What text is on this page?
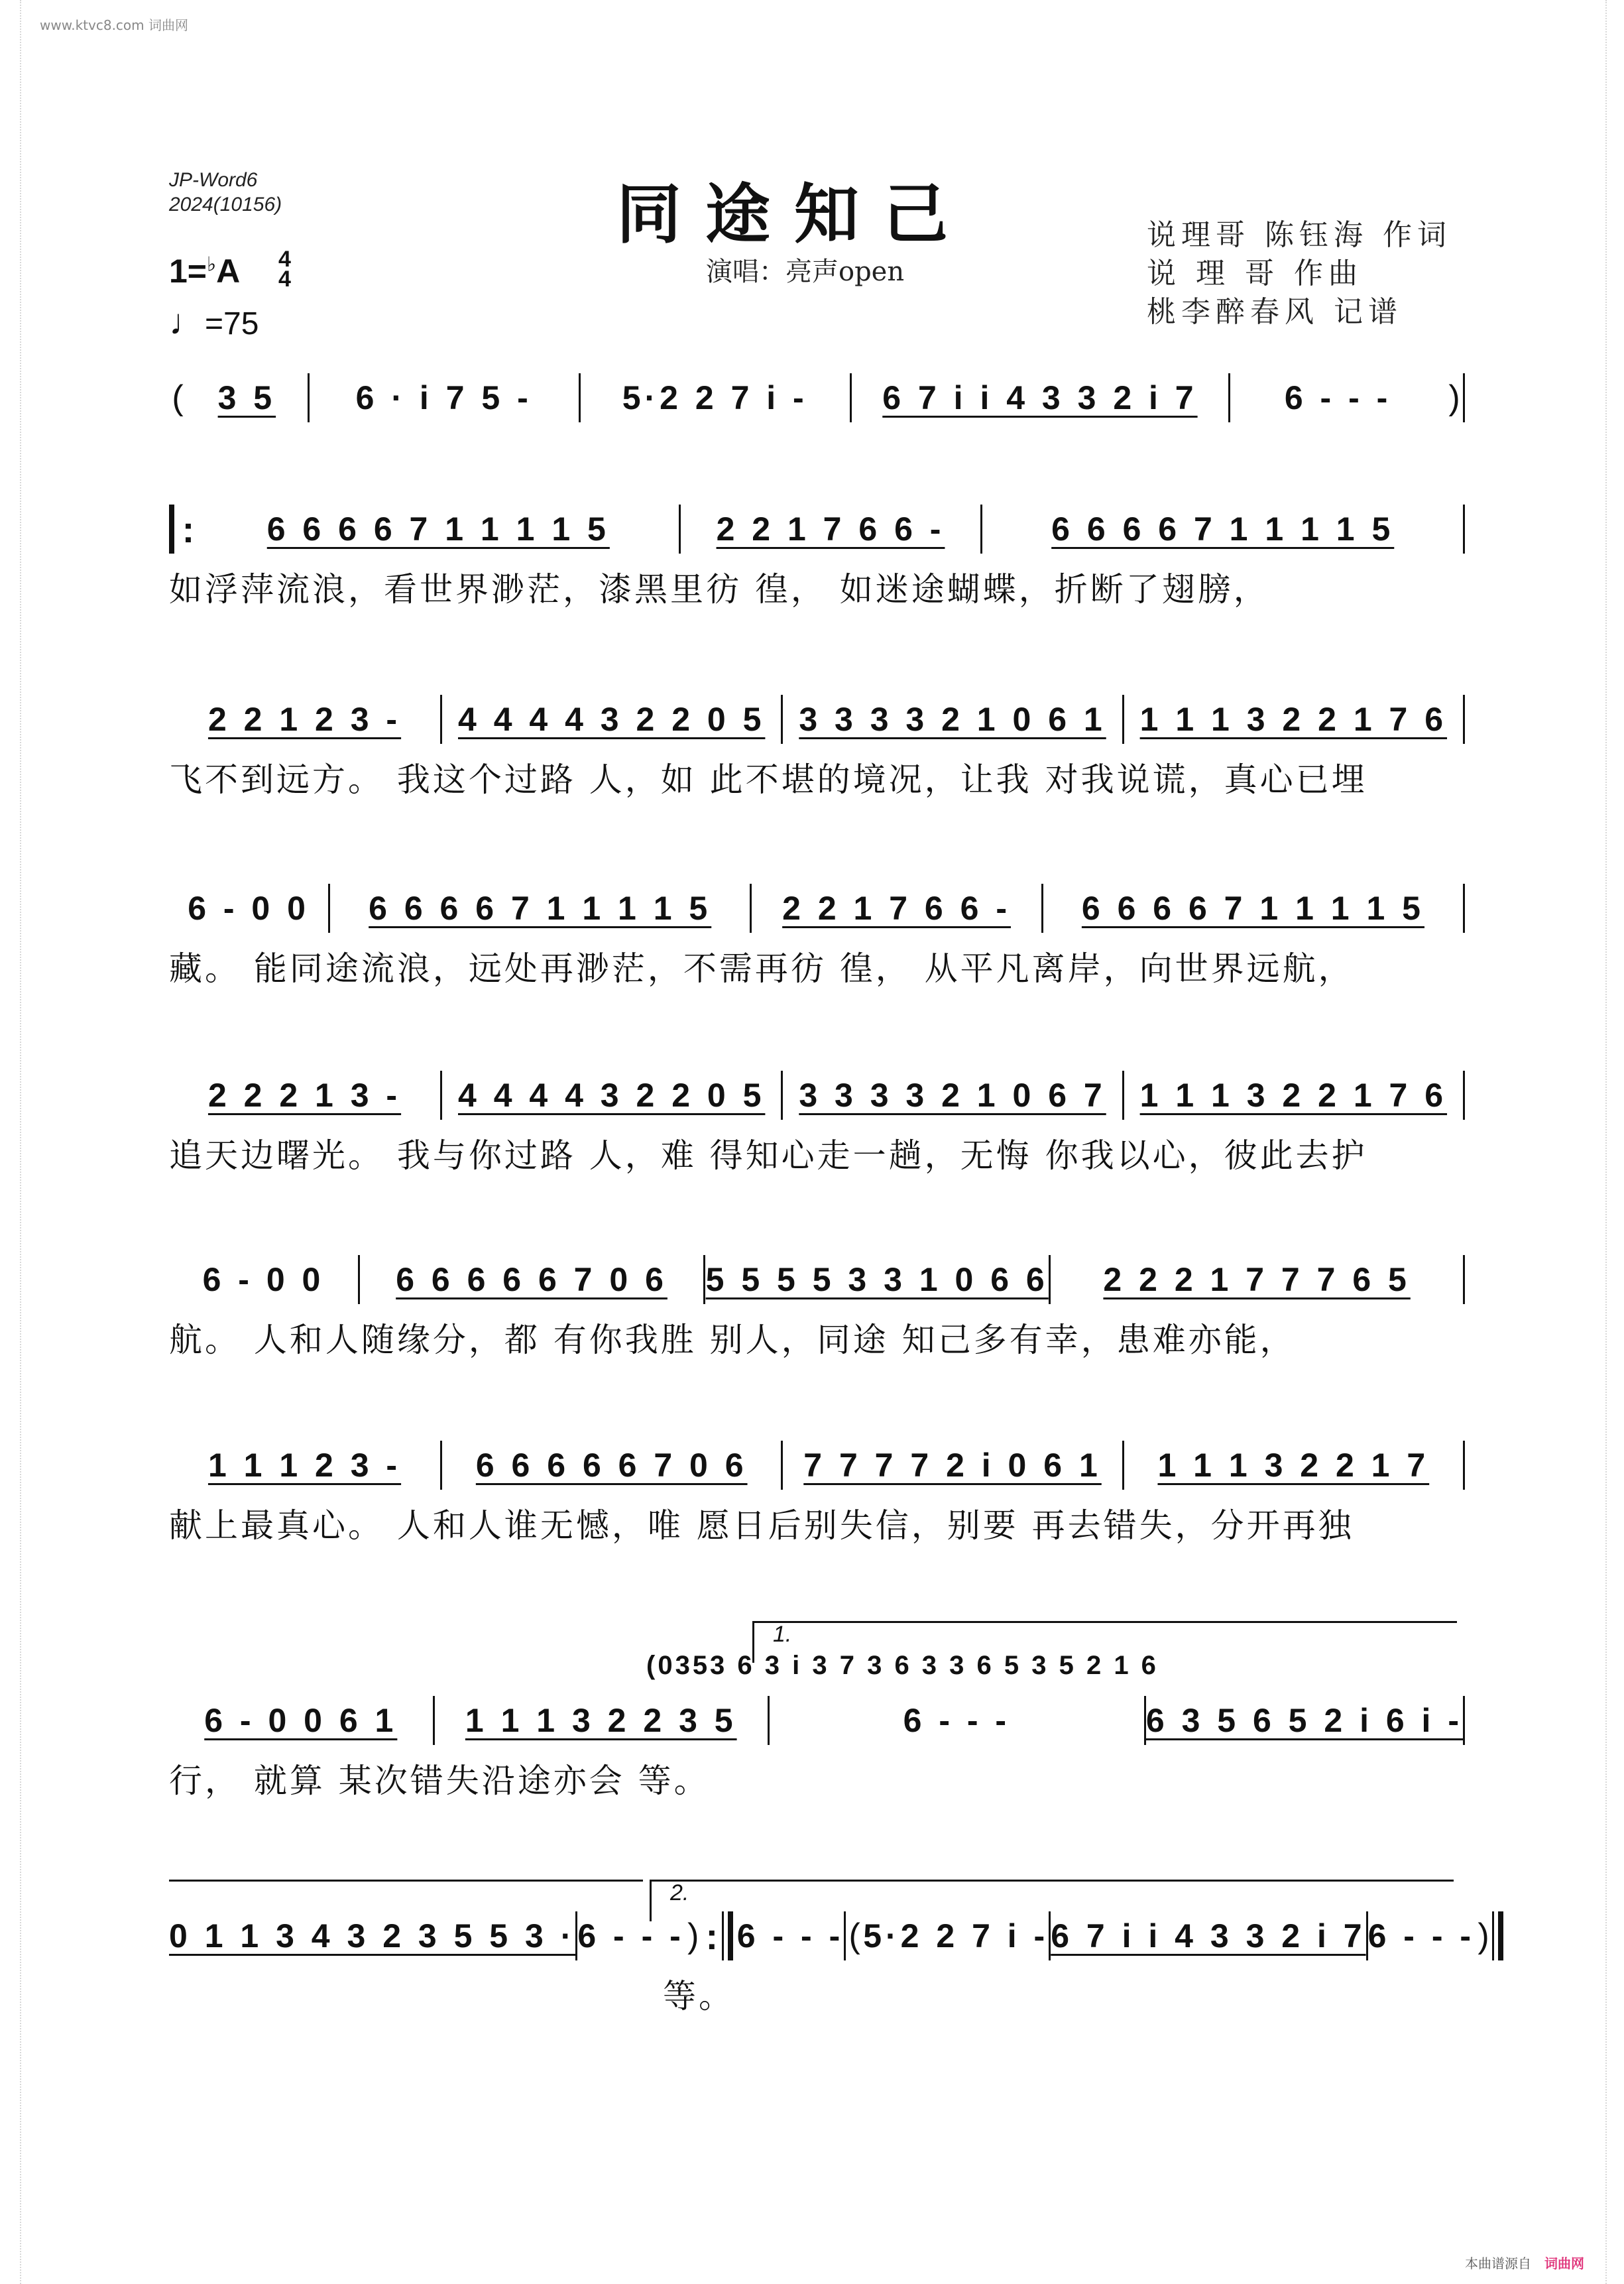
www.ktvc8.com 词曲网
JP-Word6
2024(10156)	同途知己
演唱：亮声open
说理哥 陈钰海 作词
说 理 哥 作曲
桃李醉春风 记谱
1=♭A 4
4
♩=75
(	3 5	6 · i 7 5 -	5·2 2 7 i -	6 7 i i 4 3 3 2 i 7	6 - - -	)
:	6 6 6 6 7 1 1 1 1 5	2 2 1 7 6 6 -	6 6 6 6 7 1 1 1 1 5
如浮萍流浪，看世界渺茫，漆黑里彷 徨， 如迷途蝴蝶，折断了翅膀，
2 2 1 2 3 -	4 4 4 4 3 2 2 0 5	3 3 3 3 2 1 0 6 1	1 1 1 3 2 2 1 7 6
飞不到远方。 我这个过路 人，如 此不堪的境况，让我 对我说谎，真心已埋
6 - 0 0	6 6 6 6 7 1 1 1 1 5	2 2 1 7 6 6 -	6 6 6 6 7 1 1 1 1 5
藏。 能同途流浪，远处再渺茫，不需再彷 徨， 从平凡离岸，向世界远航，
2 2 2 1 3 -	4 4 4 4 3 2 2 0 5	3 3 3 3 2 1 0 6 7	1 1 1 3 2 2 1 7 6
追天边曙光。 我与你过路 人，难 得知心走一趟，无悔 你我以心，彼此去护
6 - 0 0	6 6 6 6 6 7 0 6	5 5 5 5 3 3 1 0 6 6	2 2 2 1 7 7 7 6 5
航。 人和人随缘分，都 有你我胜 别人，同途 知己多有幸，患难亦能，
1 1 1 2 3 -	6 6 6 6 6 7 0 6	7 7 7 7 2 i 0 6 1	1 1 1 3 2 2 1 7
献上最真心。 人和人谁无憾，唯 愿日后别失信，别要 再去错失，分开再独
1.
(0353 6 3 i 3 7 3 6 3 3 6 5 3 5 2 1 6
6 - 0 0 6 1	1 1 1 3 2 2 3 5	6 - - -	6 3 5 6 5 2 i 6 i -
行， 就算 某次错失沿途亦会 等。
2.
0 1 1 3 4 3 2 3 5 5 3 · 6 - - - ) : 6 - - - ( 5·2 2 7 i - 6 7 i i 4 3 3 2 i 7 6 - - - )
等。
本曲谱源自 词曲网
